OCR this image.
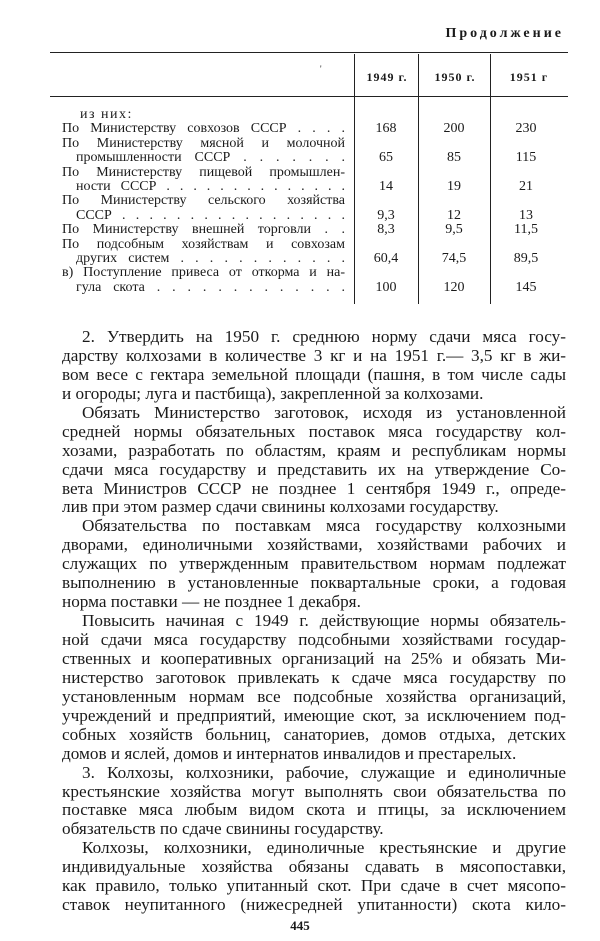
Продолжение
'
1949 г.	1950 г.	1951 г
из них:
По Министерству совхозов СССР . . . .	168	200	230
По Министерству мясной и молочной
промышленности СССР . . . . . . .	65	85	115
По Министерству пищевой промышлен-
ности СССР . . . . . . . . . . . . . .	14	19	21
По Министерству сельского хозяйства
СССР . . . . . . . . . . . . . . . . .	9,3	12	13
По Министерству внешней торговли . .	8,3	9,5	11,5
По подсобным хозяйствам и совхозам
других систем . . . . . . . . . . . .	60,4	74,5	89,5
в) Поступление привеса от откорма и на-
гула скота . . . . . . . . . . . . .	100	120	145
2. Утвердить на 1950 г. среднюю норму сдачи мяса госу-
дарству колхозами в количестве 3 кг и на 1951 г.— 3,5 кг в жи-
вом весе с гектара земельной площади (пашня, в том числе сады
и огороды; луга и пастбища), закрепленной за колхозами.
Обязать Министерство заготовок, исходя из установленной
средней нормы обязательных поставок мяса государству кол-
хозами, разработать по областям, краям и республикам нормы
сдачи мяса государству и представить их на утверждение Со-
вета Министров СССР не позднее 1 сентября 1949 г., опреде-
лив при этом размер сдачи свинины колхозами государству.
Обязательства по поставкам мяса государству колхозными
дворами, единоличными хозяйствами, хозяйствами рабочих и
служащих по утвержденным правительством нормам подлежат
выполнению в установленные поквартальные сроки, а годовая
норма поставки — не позднее 1 декабря.
Повысить начиная с 1949 г. действующие нормы обязатель-
ной сдачи мяса государству подсобными хозяйствами государ-
ственных и кооперативных организаций на 25% и обязать Ми-
нистерство заготовок привлекать к сдаче мяса государству по
установленным нормам все подсобные хозяйства организаций,
учреждений и предприятий, имеющие скот, за исключением под-
собных хозяйств больниц, санаториев, домов отдыха, детских
домов и яслей, домов и интернатов инвалидов и престарелых.
3. Колхозы, колхозники, рабочие, служащие и единоличные
крестьянские хозяйства могут выполнять свои обязательства по
поставке мяса любым видом скота и птицы, за исключением
обязательств по сдаче свинины государству.
Колхозы, колхозники, единоличные крестьянские и другие
индивидуальные хозяйства обязаны сдавать в мясопоставки,
как правило, только упитанный скот. При сдаче в счет мясопо-
ставок неупитанного (нижесредней упитанности) скота кило-
445
